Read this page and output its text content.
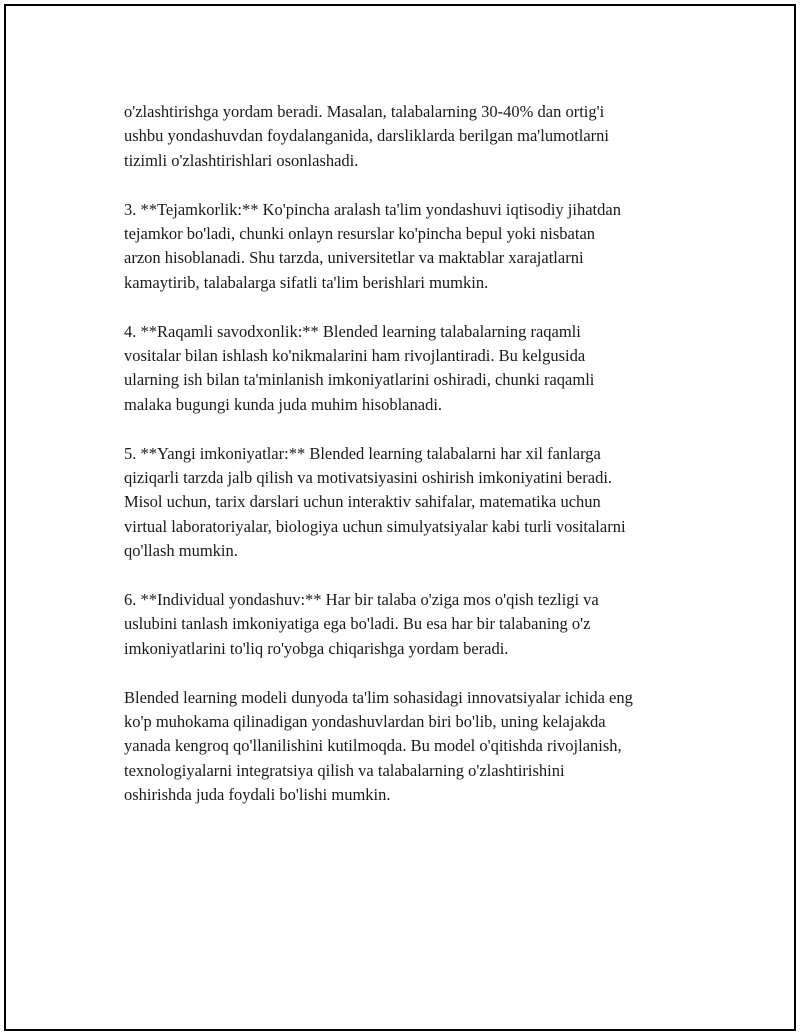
o'zlashtirishga yordam beradi. Masalan, talabalarning 30-40% dan ortig'i
ushbu yondashuvdan foydalanganida, darsliklarda berilgan ma'lumotlarni
tizimli o'zlashtirishlari osonlashadi.

3. **Tejamkorlik:** Ko'pincha aralash ta'lim yondashuvi iqtisodiy jihatdan
tejamkor bo'ladi, chunki onlayn resurslar ko'pincha bepul yoki nisbatan
arzon hisoblanadi. Shu tarzda, universitetlar va maktablar xarajatlarni
kamaytirib, talabalarga sifatli ta'lim berishlari mumkin.

4. **Raqamli savodxonlik:** Blended learning talabalarning raqamli
vositalar bilan ishlash ko'nikmalarini ham rivojlantiradi. Bu kelgusida
ularning ish bilan ta'minlanish imkoniyatlarini oshiradi, chunki raqamli
malaka bugungi kunda juda muhim hisoblanadi.

5. **Yangi imkoniyatlar:** Blended learning talabalarni har xil fanlarga
qiziqarli tarzda jalb qilish va motivatsiyasini oshirish imkoniyatini beradi.
Misol uchun, tarix darslari uchun interaktiv sahifalar, matematika uchun
virtual laboratoriyalar, biologiya uchun simulyatsiyalar kabi turli vositalarni
qo'llash mumkin.

6. **Individual yondashuv:** Har bir talaba o'ziga mos o'qish tezligi va
uslubini tanlash imkoniyatiga ega bo'ladi. Bu esa har bir talabaning o'z
imkoniyatlarini to'liq ro'yobga chiqarishga yordam beradi.

Blended learning modeli dunyoda ta'lim sohasidagi innovatsiyalar ichida eng
ko'p muhokama qilinadigan yondashuvlardan biri bo'lib, uning kelajakda
yanada kengroq qo'llanilishini kutilmoqda. Bu model o'qitishda rivojlanish,
texnologiyalarni integratsiya qilish va talabalarning o'zlashtirishini
oshirishda juda foydali bo'lishi mumkin.
